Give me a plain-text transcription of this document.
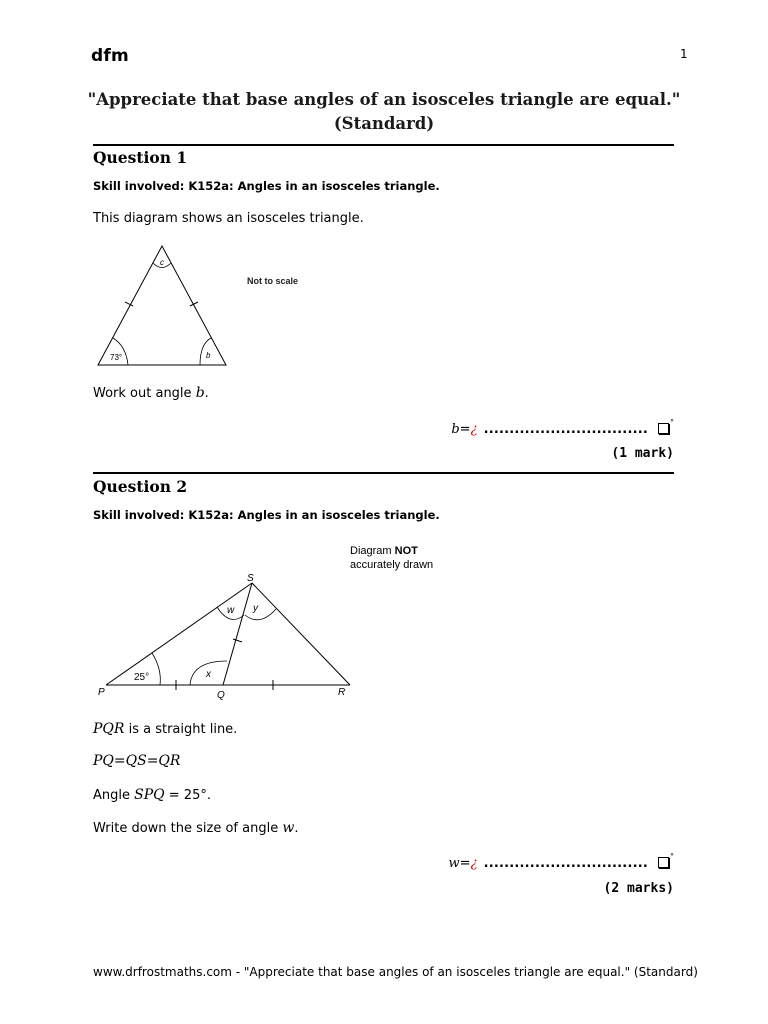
dfm	1
"Appreciate that base angles of an isosceles triangle are equal."
(Standard)
Question 1
Skill involved: K152a: Angles in an isosceles triangle.
This diagram shows an isosceles triangle.
c
73°	b
Not to scale
Work out angle b.
b=¿ ................................	°
(1 mark)
Question 2
Skill involved: K152a: Angles in an isosceles triangle.
S
P	Q	R
w y
x
25°
Diagram NOT
accurately drawn
PQR is a straight line.
PQ=QS=QR
Angle SPQ = 25°.
Write down the size of angle w.
w=¿ ................................	°
(2 marks)
www.drfrostmaths.com - "Appreciate that base angles of an isosceles triangle are equal." (Standard)
